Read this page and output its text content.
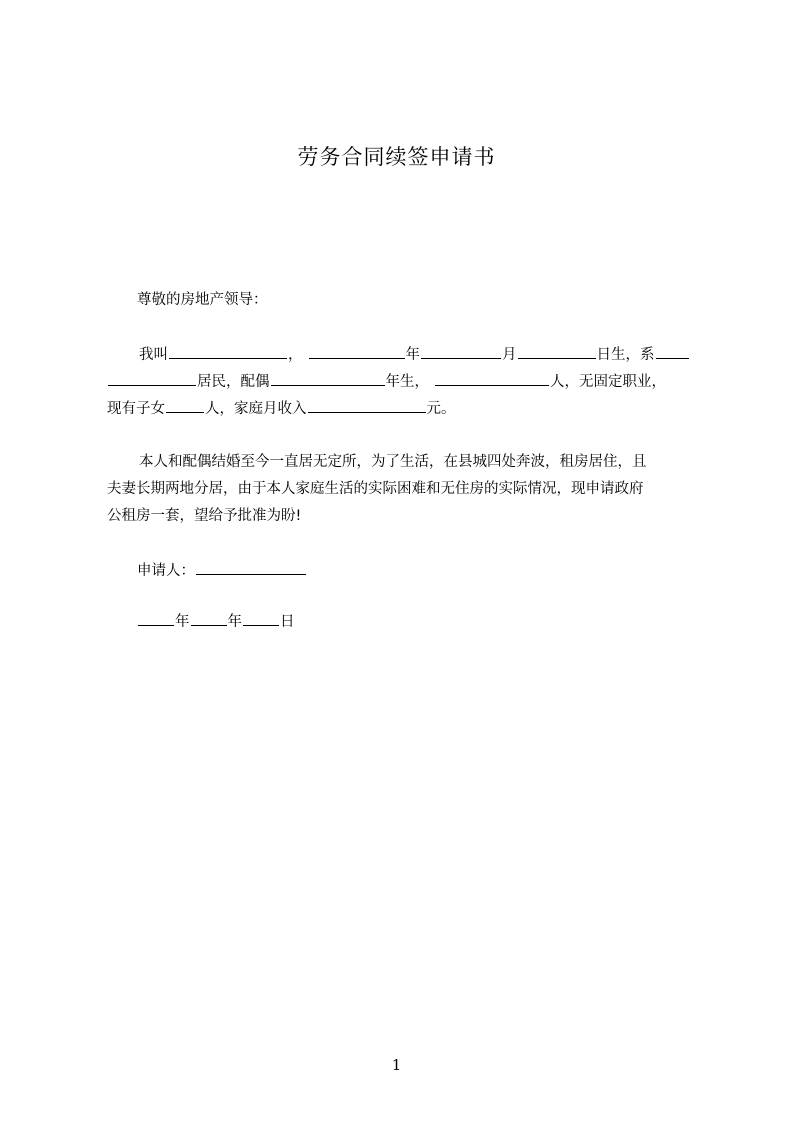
劳务合同续签申请书
尊敬的房地产领导：
我叫	，	年	月	日生，系
居民，配偶	年生，	人，无固定职业，
现有子女	人，家庭月收入	元。
本人和配偶结婚至今一直居无定所，为了生活，在县城四处奔波，租房居住，且
夫妻长期两地分居，由于本人家庭生活的实际困难和无住房的实际情况，现申请政府
公租房一套，望给予批准为盼!
申请人：
年	年	日
1
